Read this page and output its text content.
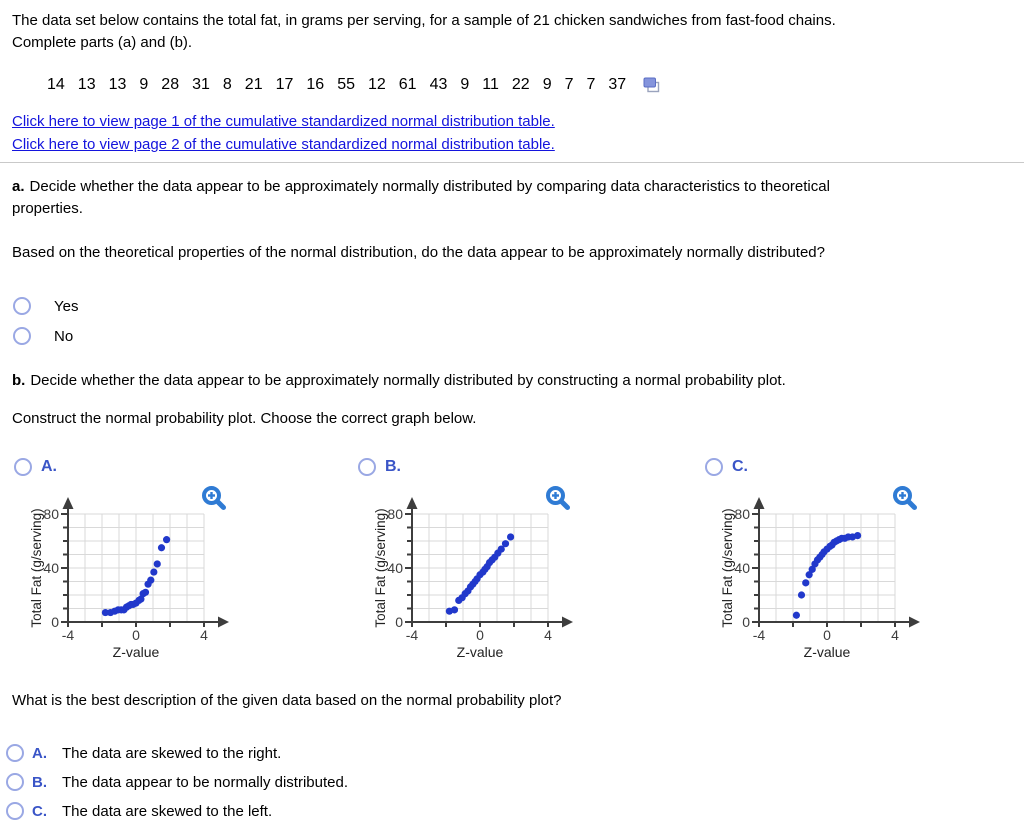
The data set below contains the total fat, in grams per serving, for a sample of 21 chicken sandwiches from fast-food chains.
Complete parts (a) and (b).
14 13 13 9 28 31 8 21 17 16 55 12 61 43 9 11 22 9 7 7 37
Click here to view page 1 of the cumulative standardized normal distribution table.
Click here to view page 2 of the cumulative standardized normal distribution table.
a. Decide whether the data appear to be approximately normally distributed by comparing data characteristics to theoretical
properties.
Based on the theoretical properties of the normal distribution, do the data appear to be approximately normally distributed?
Yes
No
b. Decide whether the data appear to be approximately normally distributed by constructing a normal probability plot.
Construct the normal probability plot. Choose the correct graph below.
A.
-4	0	4
0
40
80
Z-value
Total Fat (g/serving)
B.
-4	0	4
0
40
80
Z-value
Total Fat (g/serving)
C.
-4	0	4
0
40
80
Z-value
Total Fat (g/serving)
What is the best description of the given data based on the normal probability plot?
A.	The data are skewed to the right.
B.	The data appear to be normally distributed.
C.	The data are skewed to the left.
